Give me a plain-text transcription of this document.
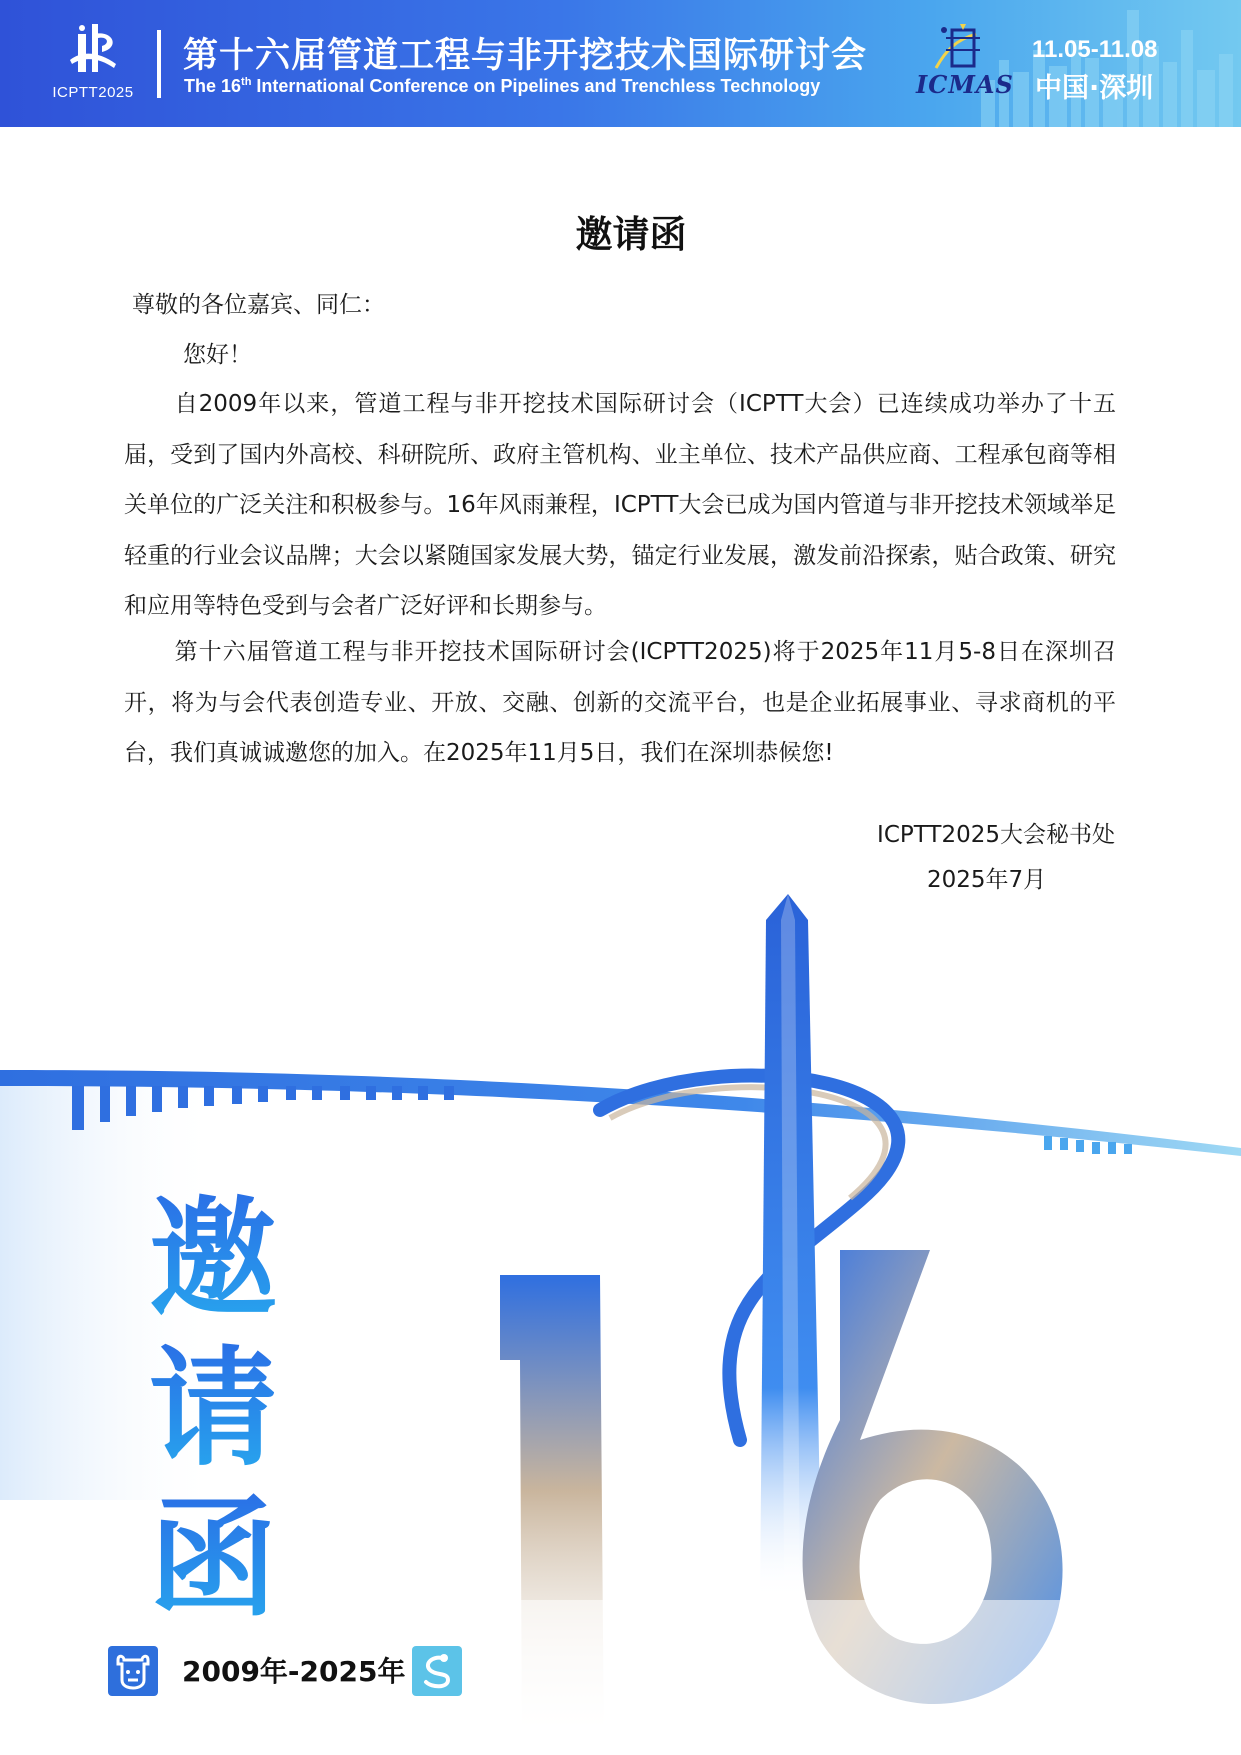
ICPTT2025
第十六届管道工程与非开挖技术国际研讨会
The 16th International Conference on Pipelines and Trenchless Technology	ICMAS
11.05-11.08
中国·深圳
邀请函
尊敬的各位嘉宾、同仁：
您好！

自2009年以来，管道工程与非开挖技术国际研讨会（ICPTT大会）已连续成功举办了十五届，受到了国内外高校、科研院所、政府主管机构、业主单位、技术产品供应商、工程承包商等相关单位的广泛关注和积极参与。16年风雨兼程，ICPTT大会已成为国内管道与非开挖技术领域举足轻重的行业会议品牌；大会以紧随国家发展大势，锚定行业发展，激发前沿探索，贴合政策、研究和应用等特色受到与会者广泛好评和长期参与。

第十六届管道工程与非开挖技术国际研讨会(ICPTT2025)将于2025年11月5-8日在深圳召开，将为与会代表创造专业、开放、交融、创新的交流平台，也是企业拓展事业、寻求商机的平台，我们真诚诚邀您的加入。在2025年11月5日，我们在深圳恭候您!

ICPTT2025大会秘书处
2025年7月
邀
请
函
2009年-2025年
